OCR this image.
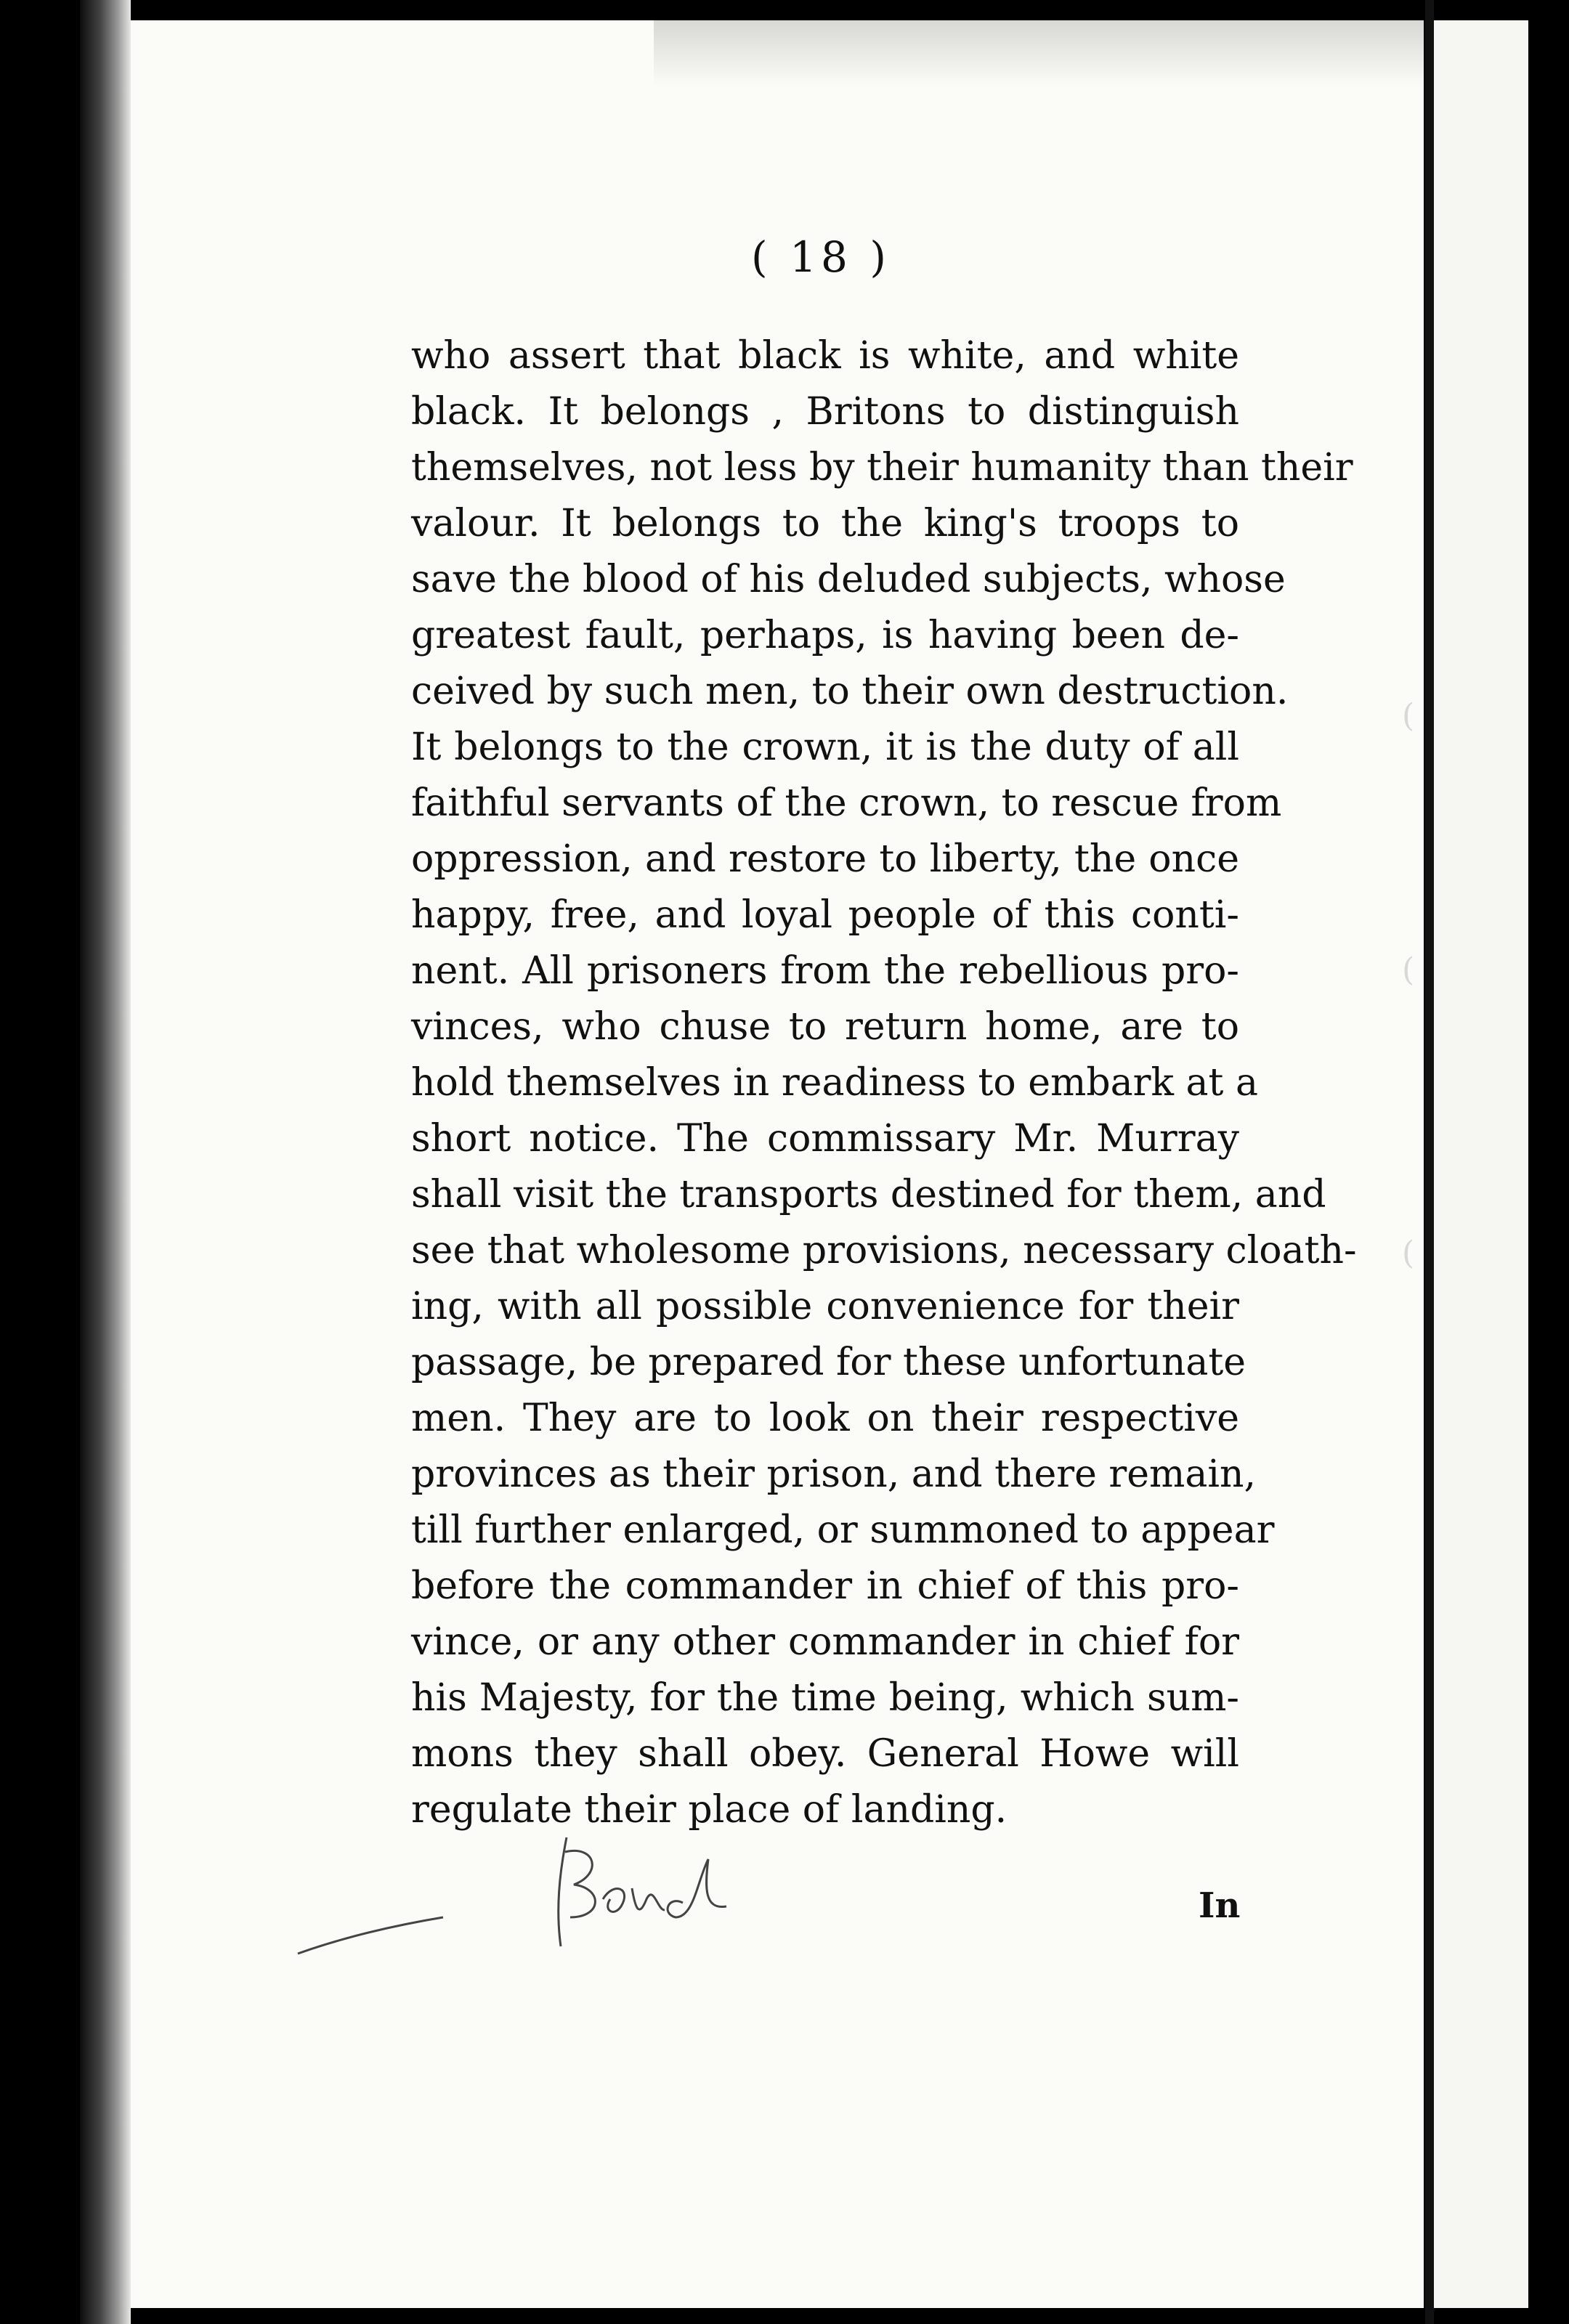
( 18 )
who assert that black is white, and white
black. It belongs , Britons to distinguish
themselves, not less by their humanity than their
valour. It belongs to the king's troops to
save the blood of his deluded subjects, whose
greatest fault, perhaps, is having been de-
ceived by such men, to their own destruction.
It belongs to the crown, it is the duty of all
faithful servants of the crown, to rescue from
oppression, and restore to liberty, the once
happy, free, and loyal people of this conti-
nent. All prisoners from the rebellious pro-
vinces, who chuse to return home, are to
hold themselves in readiness to embark at a
short notice. The commissary Mr. Murray
shall visit the transports destined for them, and
see that wholesome provisions, necessary cloath-
ing, with all possible convenience for their
passage, be prepared for these unfortunate
men. They are to look on their respective
provinces as their prison, and there remain,
till further enlarged, or summoned to appear
before the commander in chief of this pro-
vince, or any other commander in chief for
his Majesty, for the time being, which sum-
mons they shall obey. General Howe will
regulate their place of landing.
In
(
(
(
